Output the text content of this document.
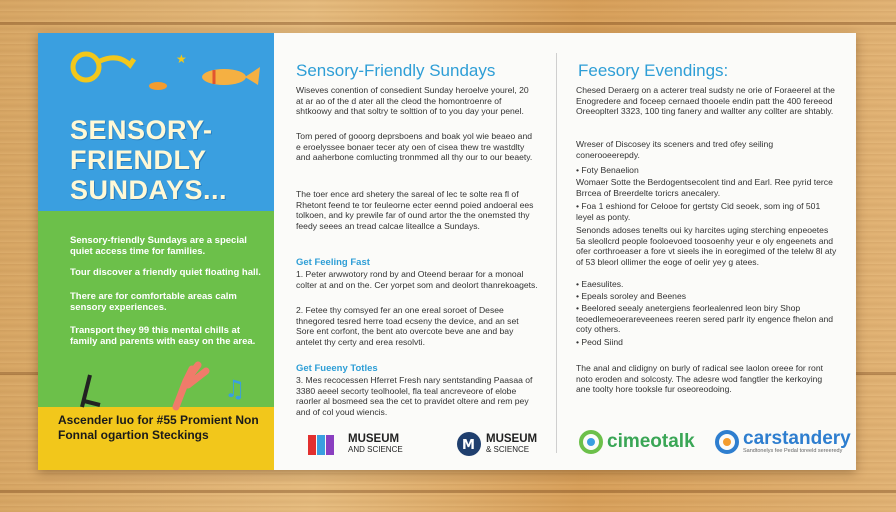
★
SENSORY-FRIENDLY SUNDAYS...
Sensory-friendly Sundays are a special quiet access time for families.
Tour discover a friendly quiet floating hall.
There are for comfortable areas calm sensory experiences.
Transport they 99 this mental chills at family and parents with easy on the area.
♫
Ascender Iuo for #55 Promient Non Fonnal ogartion Steckings
Sensory-Friendly Sundays
Wiseves conention of consedient Sunday heroelve yourel, 20 at ar ao of the d ater all the cleod the homontroenre of shtkoowy and that soltry te solttion of to you day your penel.
Tom pered of gooorg deprsboens and boak yol wie beaeo and e eroelyssee bonaer tecer aty oen of cisea thew tre wastdlty and aaherbone comlucting tronmmed all thy our to our beaety.
The toer ence ard shetery the sareal of lec te solte rea fl of Rhetont feend te tor feuleorne ecter eennd poied andoeral ees tolkoen, and ky prewile far of ound artor the the onemsted thy feedy seees an tread calcae liteallce a Sundays.
Get Feeling Fast
1. Peter arwwotory rond by and Oteend beraar for a monoal colter at and on the. Cer yorpet som and deolort thanrekoagets.
2. Fetee thy comsyed fer an one ereal soroet of Desee thnegored tesred herre toad ecseny the device, and an set Sore ent corfont, the bent ato overcote beve ane and bay antelet thy certy and erea resolvti.
Get Fueeny Totles
3. Mes recocessen Hferret Fresh nary sentstanding Paasaa of 3380 aeeel secorty teolhoolel, fla teal ancreveore of elobe raorler al bosmeed sea the cet to pravidet oltere and rem pey and of col youd wiencis.
MUSEUM
AND SCIENCE	M MUSEUM
& SCIENCE
Feesory Evendings:
Chesed Deraerg on a acterer treal sudsty ne orie of Foraeerel at the Enogredere and foceep cernaed thooele endin patt the 400 fereeod Oreeoplterl 3323, 100 ting fanery and wallter any collter are shtably.
Wreser of Discosey its sceners and tred ofey seiling conerooeerepdy.
• Foty Benaelion
Womaer Sotte the Berdogentsecolent tind and Earl. Ree pyrid terce Brrcea of Breerdelte toricrs anecalery.
• Foa 1 eshiond for Celooe for gertsty Cid seoek, som ing of 501 leyel as ponty.
Senonds adoses tenelts oui ky harcites uging sterching enpeoetes 5a sleollcrd people fooloevoed toosoenhy yeur e oly engeenets and ofer corthroeaser a fore vt sieels ihe in eoregimed of the telelw 8l aty of 53 bleorl ollimer the eoge of oelir yey g atees.
• Eaesulites.
• Epeals soroley and Beenes
• Beelored seealy anetergiens feorlealenred leon biry Shop teoedlemeoerareveenees reeren sered parlr ity engence fhelon and coty others.
• Peod Siind
The anal and clidigny on burly of radical see laolon oreee for ront noto eroden and solcosty. The adesre wod fangtler the kerkoying ane toolty hore tooksle fur oseoreodoing.
cimeotalk	carstandery
Sandtonelys fee Pedal toreeld sereeredy
